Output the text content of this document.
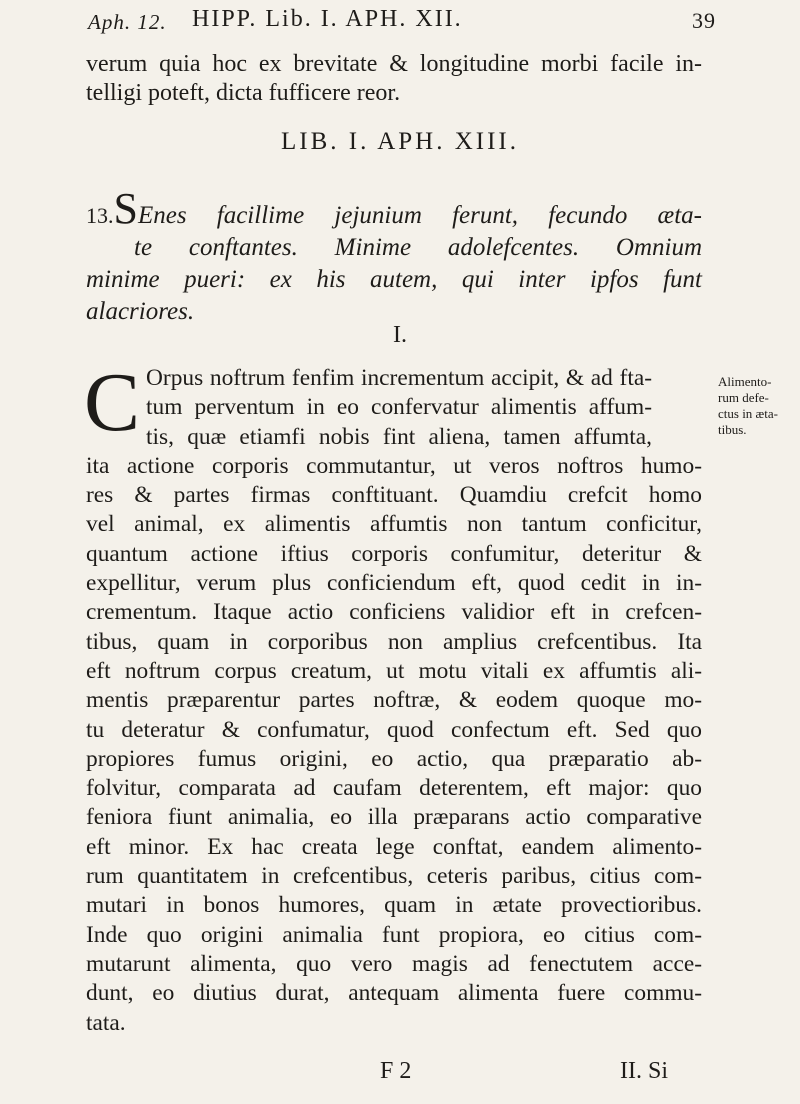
Aph. 12. HIPP. Lib. I. APH. XII.	39
verum quia hoc ex brevitate & longitudine morbi facile in-
telligi poteft, dicta fufficere reor.
LIB. I. APH. XIII.
13.SEnes facillime jejunium ferunt, fecundo æta-
te conftantes. Minime adolefcentes. Omnium
minime pueri: ex his autem, qui inter ipfos funt
alacriores.
I.
C Orpus noftrum fenfim incrementum accipit, & ad fta-
tum perventum in eo confervatur alimentis affum-
tis, quæ etiamfi nobis fint aliena, tamen affumta,
ita actione corporis commutantur, ut veros noftros humo-
res & partes firmas conftituant. Quamdiu crefcit homo
vel animal, ex alimentis affumtis non tantum conficitur,
quantum actione iftius corporis confumitur, deteritur &
expellitur, verum plus conficiendum eft, quod cedit in in-
crementum. Itaque actio conficiens validior eft in crefcen-
tibus, quam in corporibus non amplius crefcentibus. Ita
eft noftrum corpus creatum, ut motu vitali ex affumtis ali-
mentis præparentur partes noftræ, & eodem quoque mo-
tu deteratur & confumatur, quod confectum eft. Sed quo
propiores fumus origini, eo actio, qua præparatio ab-
folvitur, comparata ad caufam deterentem, eft major: quo
feniora fiunt animalia, eo illa præparans actio comparative
eft minor. Ex hac creata lege conftat, eandem alimento-
rum quantitatem in crefcentibus, ceteris paribus, citius com-
mutari in bonos humores, quam in ætate provectioribus.
Inde quo origini animalia funt propiora, eo citius com-
mutarunt alimenta, quo vero magis ad fenectutem acce-
dunt, eo diutius durat, antequam alimenta fuere commu-
tata.
Alimento-
rum defe-
ctus in æta-
tibus.
F 2	II. Si
